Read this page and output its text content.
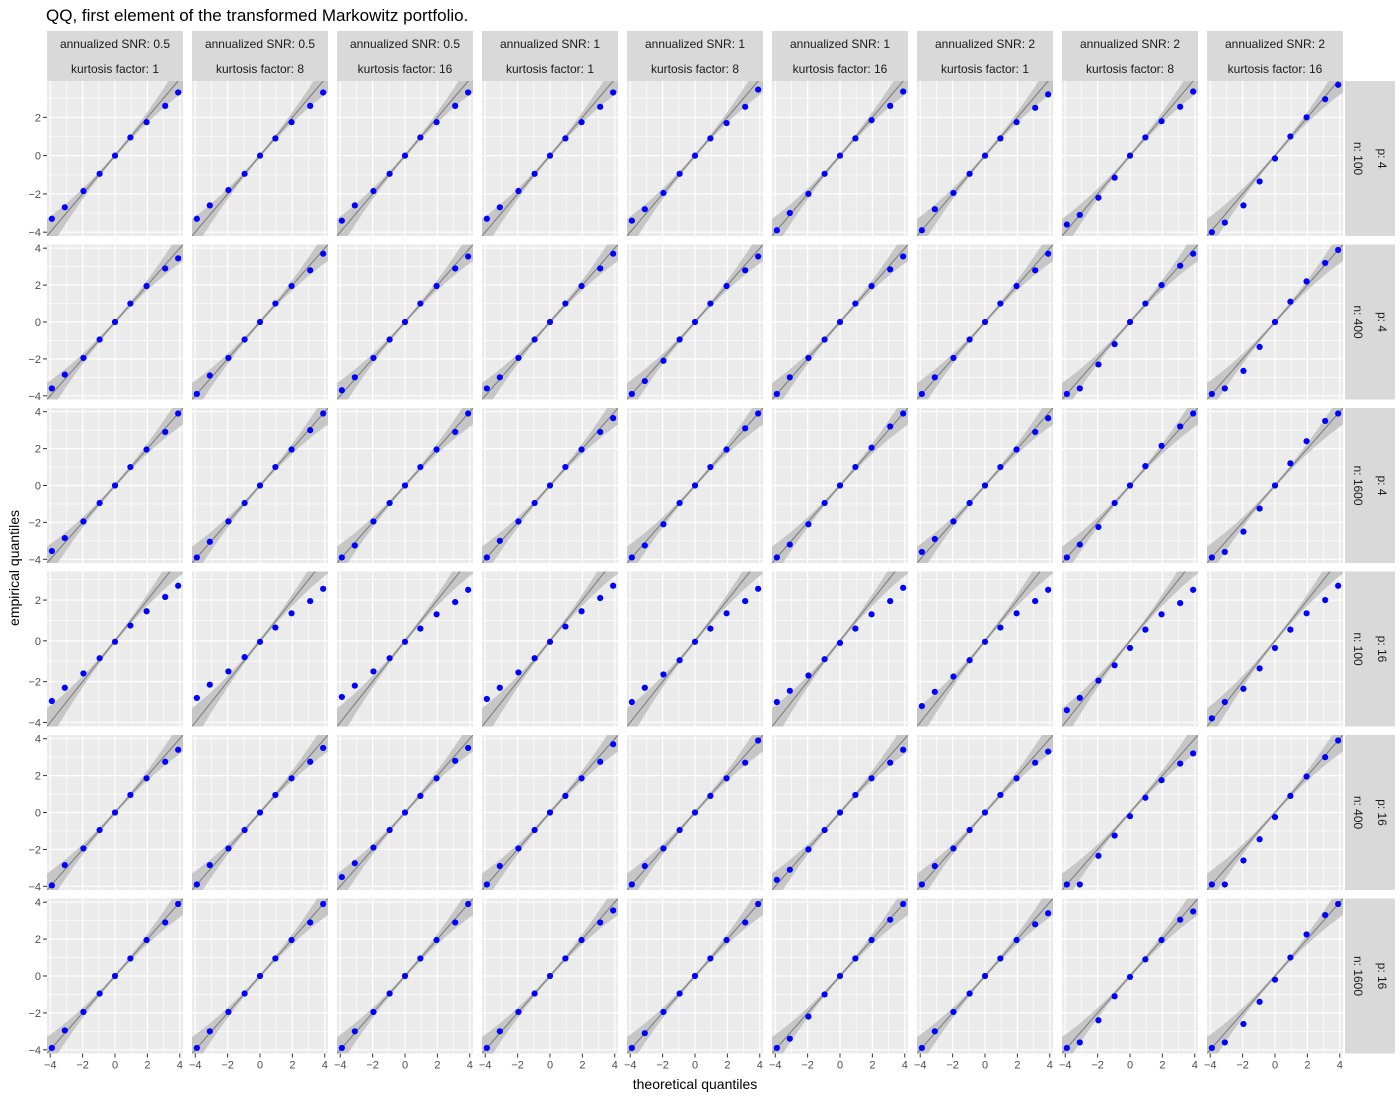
QQ, first element of the transformed Markowitz portfolio.
annualized SNR: 0.5
kurtosis factor: 1
annualized SNR: 0.5
kurtosis factor: 8
annualized SNR: 0.5
kurtosis factor: 16
annualized SNR: 1
kurtosis factor: 1
annualized SNR: 1
kurtosis factor: 8
annualized SNR: 1
kurtosis factor: 16
annualized SNR: 2
kurtosis factor: 1
annualized SNR: 2
kurtosis factor: 8
annualized SNR: 2
kurtosis factor: 16
p: 4
n: 100
p: 4
n: 400
p: 4
n: 1600
p: 16
n: 100
p: 16
n: 400
p: 16
n: 1600
−4
−2
0
2
−4
−2
0
2
4
−4
−2
0
2
4
−4
−2
0
2
−4
−2
0
2
4
−4
−2
0
2
4
−4 −2 0 2 4 −4 −2 0 2 4 −4 −2 0 2 4 −4 −2 0 2 4 −4 −2 0 2 4 −4 −2 0 2 4 −4 −2 0 2 4 −4 −2 0 2 4 −4 −2 0 2 4
theoretical quantiles
empirical quantiles
